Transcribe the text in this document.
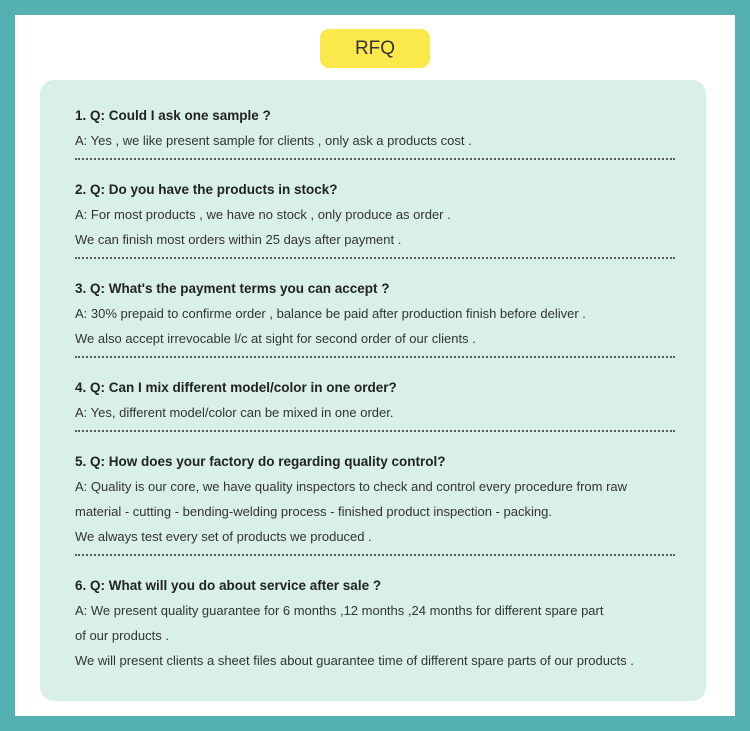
RFQ

1. Q: Could I ask one sample ?

A: Yes , we like present sample for clients , only ask a products cost .

2. Q: Do you have the products in stock?

A: For most products , we have no stock , only produce as order .

We can finish most orders within 25 days after payment .

3. Q: What's the payment terms you can accept ?

A: 30% prepaid to confirme order , balance be paid after production finish before deliver .

We also accept irrevocable l/c at sight for second order of our clients .

4. Q: Can I mix different model/color in one order?

A: Yes, different model/color can be mixed in one order.

5. Q: How does your factory do regarding quality control?

A: Quality is our core, we have quality inspectors to check and control every procedure from raw

material - cutting - bending-welding process - finished product inspection - packing.

We always test every set of products we produced .

6. Q: What will you do about service after sale ?

A: We present quality guarantee for 6 months ,12 months ,24 months for different spare part

of our products .

We will present clients a sheet files about guarantee time of different spare parts of our products .
